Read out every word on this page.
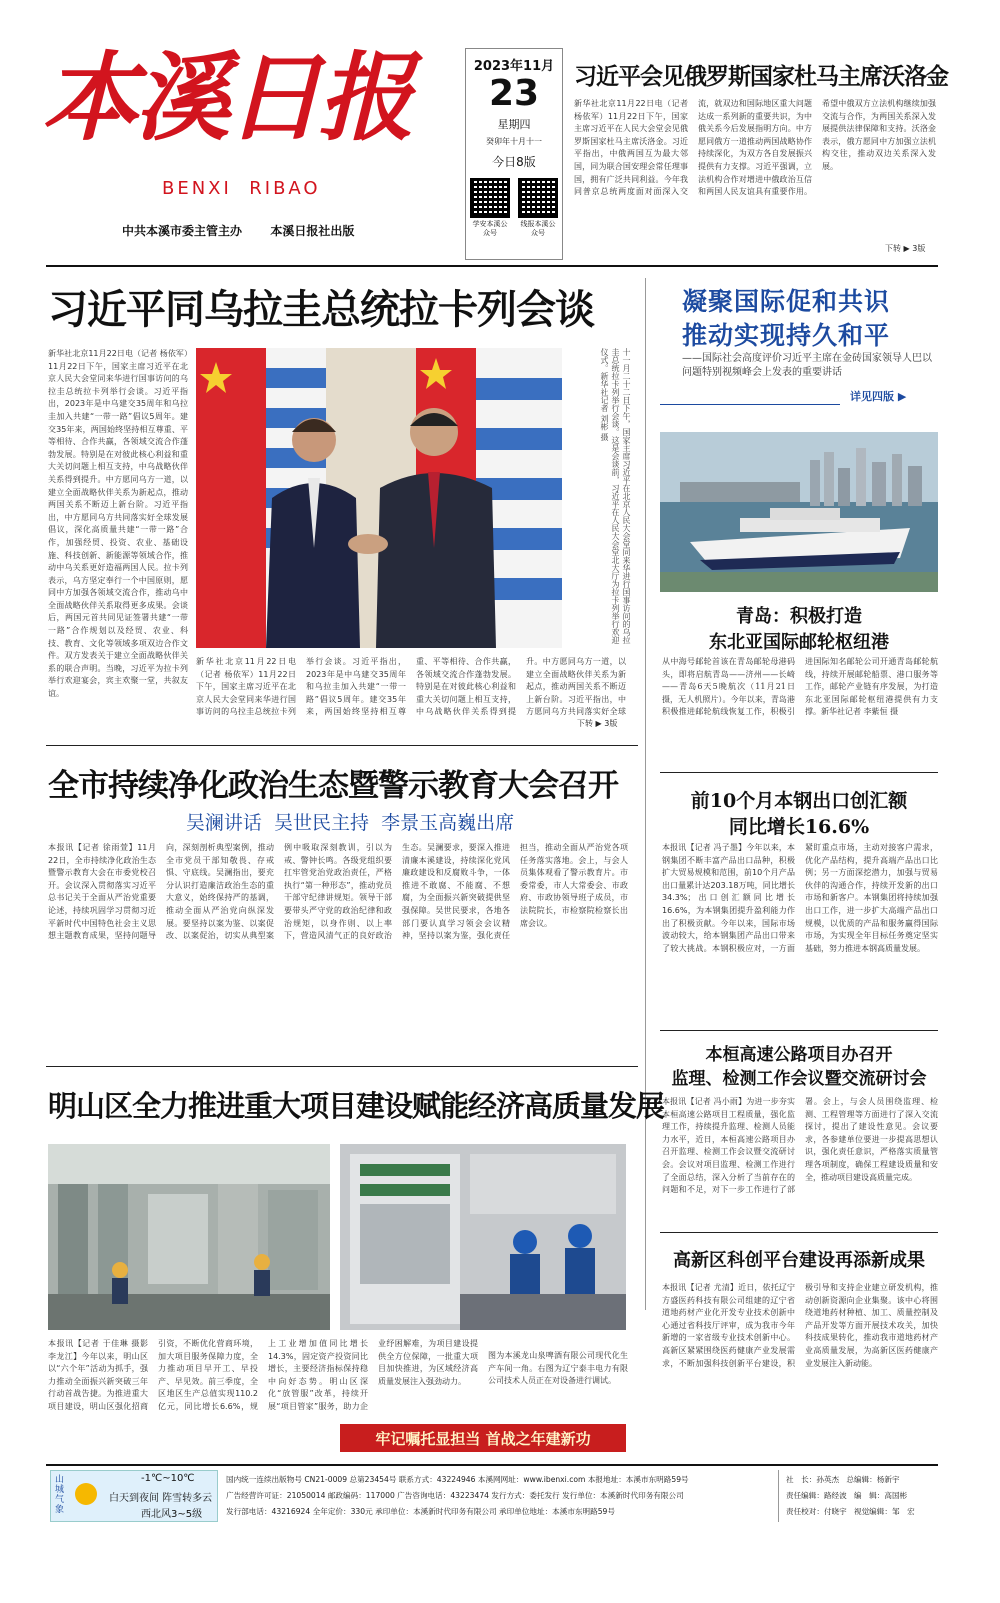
本溪日报
BENXI  RIBAO
中共本溪市委主管主办 本溪日报社出版
2023年11月
23
星期四
癸卯年十月十一
今日8版
学安本溪公众号
线报本溪公众号
习近平会见俄罗斯国家杜马主席沃洛金
新华社北京11月22日电（记者 杨依军）11月22日下午，国家主席习近平在人民大会堂会见俄罗斯国家杜马主席沃洛金。习近平指出，中俄两国互为最大邻国，同为联合国安理会常任理事国，拥有广泛共同利益。今年我同普京总统两度面对面深入交流，就双边和国际地区重大问题达成一系列新的重要共识，为中俄关系今后发展指明方向。中方愿同俄方一道推动两国战略协作持续深化，为双方各自发展振兴提供有力支撑。习近平强调，立法机构合作对增进中俄政治互信和两国人民友谊具有重要作用。希望中俄双方立法机构继续加强交流与合作，为两国关系深入发展提供法律保障和支持。沃洛金表示，俄方愿同中方加强立法机构交往，推动双边关系深入发展。
下转 ▶ 3版
习近平同乌拉圭总统拉卡列会谈
新华社北京11月22日电（记者 杨依军）11月22日下午，国家主席习近平在北京人民大会堂同来华进行国事访问的乌拉圭总统拉卡列举行会谈。习近平指出，2023年是中乌建交35周年和乌拉圭加入共建“一带一路”倡议5周年。建交35年来，两国始终坚持相互尊重、平等相待、合作共赢，各领域交流合作蓬勃发展。特别是在对彼此核心利益和重大关切问题上相互支持，中乌战略伙伴关系得到提升。中方愿同乌方一道，以建立全面战略伙伴关系为新起点，推动两国关系不断迈上新台阶。习近平指出，中方愿同乌方共同落实好全球发展倡议，深化高质量共建“一带一路”合作，加强经贸、投资、农业、基础设施、科技创新、新能源等领域合作，推动中乌关系更好造福两国人民。拉卡列表示，乌方坚定奉行一个中国原则，愿同中方加强各领域交流合作，推动乌中全面战略伙伴关系取得更多成果。会谈后，两国元首共同见证签署共建“一带一路”合作规划以及经贸、农业、科技、教育、文化等领域多项双边合作文件。双方发表关于建立全面战略伙伴关系的联合声明。当晚，习近平为拉卡列举行欢迎宴会，宾主欢聚一堂，共叙友谊。
十一月二十二日下午，国家主席习近平在北京人民大会堂同来华进行国事访问的乌拉圭总统拉卡列举行会谈。这是会谈前，习近平在人民大会堂北大厅为拉卡列举行欢迎仪式。新华社记者 刘彬 摄
新华社北京11月22日电（记者 杨依军）11月22日下午，国家主席习近平在北京人民大会堂同来华进行国事访问的乌拉圭总统拉卡列举行会谈。习近平指出，2023年是中乌建交35周年和乌拉圭加入共建“一带一路”倡议5周年。建交35年来，两国始终坚持相互尊重、平等相待、合作共赢，各领域交流合作蓬勃发展。特别是在对彼此核心利益和重大关切问题上相互支持，中乌战略伙伴关系得到提升。中方愿同乌方一道，以建立全面战略伙伴关系为新起点，推动两国关系不断迈上新台阶。习近平指出，中方愿同乌方共同落实好全球
下转 ▶ 3版
凝聚国际促和共识
推动实现持久和平
——国际社会高度评价习近平主席在金砖国家领导人巴以问题特别视频峰会上发表的重要讲话
详见四版 ▶
青岛：积极打造
东北亚国际邮轮枢纽港
从中海号邮轮首该在青岛邮轮母港码头，即将启航青岛——济州——长崎——青岛6天5晚航次（11月21日摄，无人机照片）。今年以来，青岛港积极推进邮轮航线恢复工作，积极引进国际知名邮轮公司开通青岛邮轮航线，持续开展邮轮船票、港口服务等工作，邮轮产业链有序发展，为打造东北亚国际邮轮枢纽港提供有力支撑。新华社记者 李紫恒 摄
全市持续净化政治生态暨警示教育大会召开
吴澜讲话  吴世民主持  李景玉高巍出席
本报讯【记者 徐雨萱】11月22日，全市持续净化政治生态暨警示教育大会在市委党校召开。会议深入贯彻落实习近平总书记关于全面从严治党重要论述，持续巩固学习贯彻习近平新时代中国特色社会主义思想主题教育成果，坚持问题导向，深刻剖析典型案例，推动全市党员干部知敬畏、存戒惧、守底线。吴澜指出，要充分认识打造廉洁政治生态的重大意义，始终保持严的基调，推动全面从严治党向纵深发展。要坚持以案为鉴、以案促改、以案促治，切实从典型案例中吸取深刻教训，引以为戒、警钟长鸣。各级党组织要扛牢管党治党政治责任，严格执行“第一种形态”，推动党员干部守纪律讲规矩。领导干部要带头严守党的政治纪律和政治规矩，以身作则、以上率下，营造风清气正的良好政治生态。吴澜要求，要深入推进清廉本溪建设，持续深化党风廉政建设和反腐败斗争，一体推进不敢腐、不能腐、不想腐，为全面振兴新突破提供坚强保障。吴世民要求，各地各部门要认真学习领会会议精神，坚持以案为鉴，强化责任担当，推动全面从严治党各项任务落实落地。会上，与会人员集体观看了警示教育片。市委常委，市人大常委会、市政府、市政协领导班子成员，市法院院长，市检察院检察长出席会议。
前10个月本钢出口创汇额
同比增长16.6%
本报讯【记者 冯子墨】今年以来，本钢集团不断丰富产品出口品种，积极扩大贸易规模和范围，前10个月产品出口量累计达203.18万吨，同比增长34.3%；出口创汇额同比增长16.6%，为本钢集团提升盈利能力作出了积极贡献。今年以来，国际市场波动较大，给本钢集团产品出口带来了较大挑战。本钢积极应对，一方面紧盯重点市场，主动对接客户需求，优化产品结构，提升高端产品出口比例；另一方面深挖潜力，加强与贸易伙伴的沟通合作，持续开发新的出口市场和新客户。本钢集团将持续加强出口工作，进一步扩大高端产品出口规模，以优质的产品和服务赢得国际市场，为实现全年目标任务奠定坚实基础，努力推进本钢高质量发展。
本桓高速公路项目办召开
监理、检测工作会议暨交流研讨会
本报讯【记者 冯小雨】为进一步夯实本桓高速公路项目工程质量，强化监理工作，持续提升监理、检测人员能力水平，近日，本桓高速公路项目办召开监理、检测工作会议暨交流研讨会。会议对项目监理、检测工作进行了全面总结，深入分析了当前存在的问题和不足，对下一步工作进行了部署。会上，与会人员围绕监理、检测、工程管理等方面进行了深入交流探讨，提出了建设性意见。会议要求，各参建单位要进一步提高思想认识，强化责任意识，严格落实质量管理各项制度，确保工程建设质量和安全，推动项目建设高质量完成。
高新区科创平台建设再添新成果
本报讯【记者 尤清】近日，依托辽宁方盛医药科技有限公司组建的辽宁省道地药材产业化开发专业技术创新中心通过省科技厅评审，成为我市今年新增的一家省级专业技术创新中心。高新区紧紧围绕医药健康产业发展需求，不断加强科技创新平台建设，积极引导和支持企业建立研发机构，推动创新资源向企业集聚。该中心将围绕道地药材种植、加工、质量控制及产品开发等方面开展技术攻关，加快科技成果转化，推动我市道地药材产业高质量发展，为高新区医药健康产业发展注入新动能。
明山区全力推进重大项目建设赋能经济高质量发展
本报讯【记者 于佳琳 摄影 李龙江】今年以来，明山区以“六个年”活动为抓手，强力推动全面振兴新突破三年行动首战告捷。为推进重大项目建设，明山区强化招商引资，不断优化营商环境，加大项目服务保障力度，全力推动项目早开工、早投产、早见效。前三季度，全区地区生产总值实现110.2亿元，同比增长6.6%，规上工业增加值同比增长14.3%，固定资产投资同比增长，主要经济指标保持稳中向好态势。明山区深化“放管服”改革，持续开展“项目管家”服务，助力企业纾困解难，为项目建设提供全方位保障，一批重大项目加快推进，为区域经济高质量发展注入强劲动力。
图为本溪龙山泉啤酒有限公司现代化生产车间一角。右图为辽宁泰丰电力有限公司技术人员正在对设备进行调试。
牢记嘱托显担当 首战之年建新功
山城气象
-1℃~10℃
白天到夜间 阵雪转多云
西北风3~5级
国内统一连续出版物号 CN21-0009 总第23454号 联系方式：43224946 本溪网网址：www.ibenxi.com 本报地址：本溪市东明路59号
广告经营许可证：21050014 邮政编码：117000 广告咨询电话：43223474 发行方式：委托发行 发行单位：本溪新时代印务有限公司
发行部电话：43216924 全年定价：330元 承印单位：本溪新时代印务有限公司 承印单位地址：本溪市东明路59号
社　长：孙英杰   总编辑：杨新宇
责任编辑：路经波   编　辑：高国彬
责任校对：付晓宇   视觉编辑：邹　宏
